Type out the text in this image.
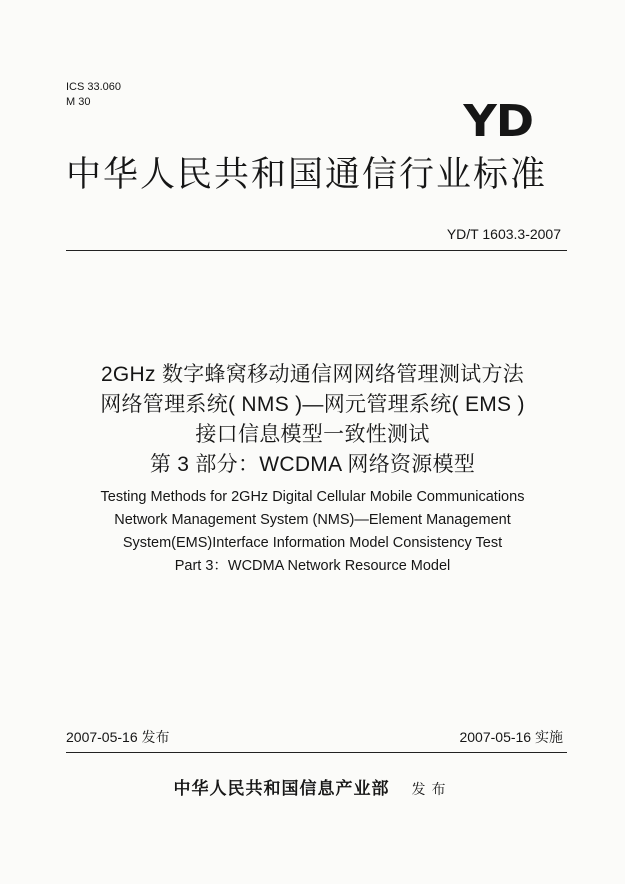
ICS 33.060
M 30	YD
中华人民共和国通信行业标准
YD/T 1603.3-2007
2GHz 数字蜂窝移动通信网网络管理测试方法
网络管理系统( NMS )—网元管理系统( EMS )
接口信息模型一致性测试
第 3 部分：WCDMA 网络资源模型
Testing Methods for 2GHz Digital Cellular Mobile Communications
Network Management System (NMS)—Element Management
System(EMS)Interface Information Model Consistency Test
Part 3：WCDMA Network Resource Model
2007-05-16 发布	2007-05-16 实施
中华人民共和国信息产业部 发布
